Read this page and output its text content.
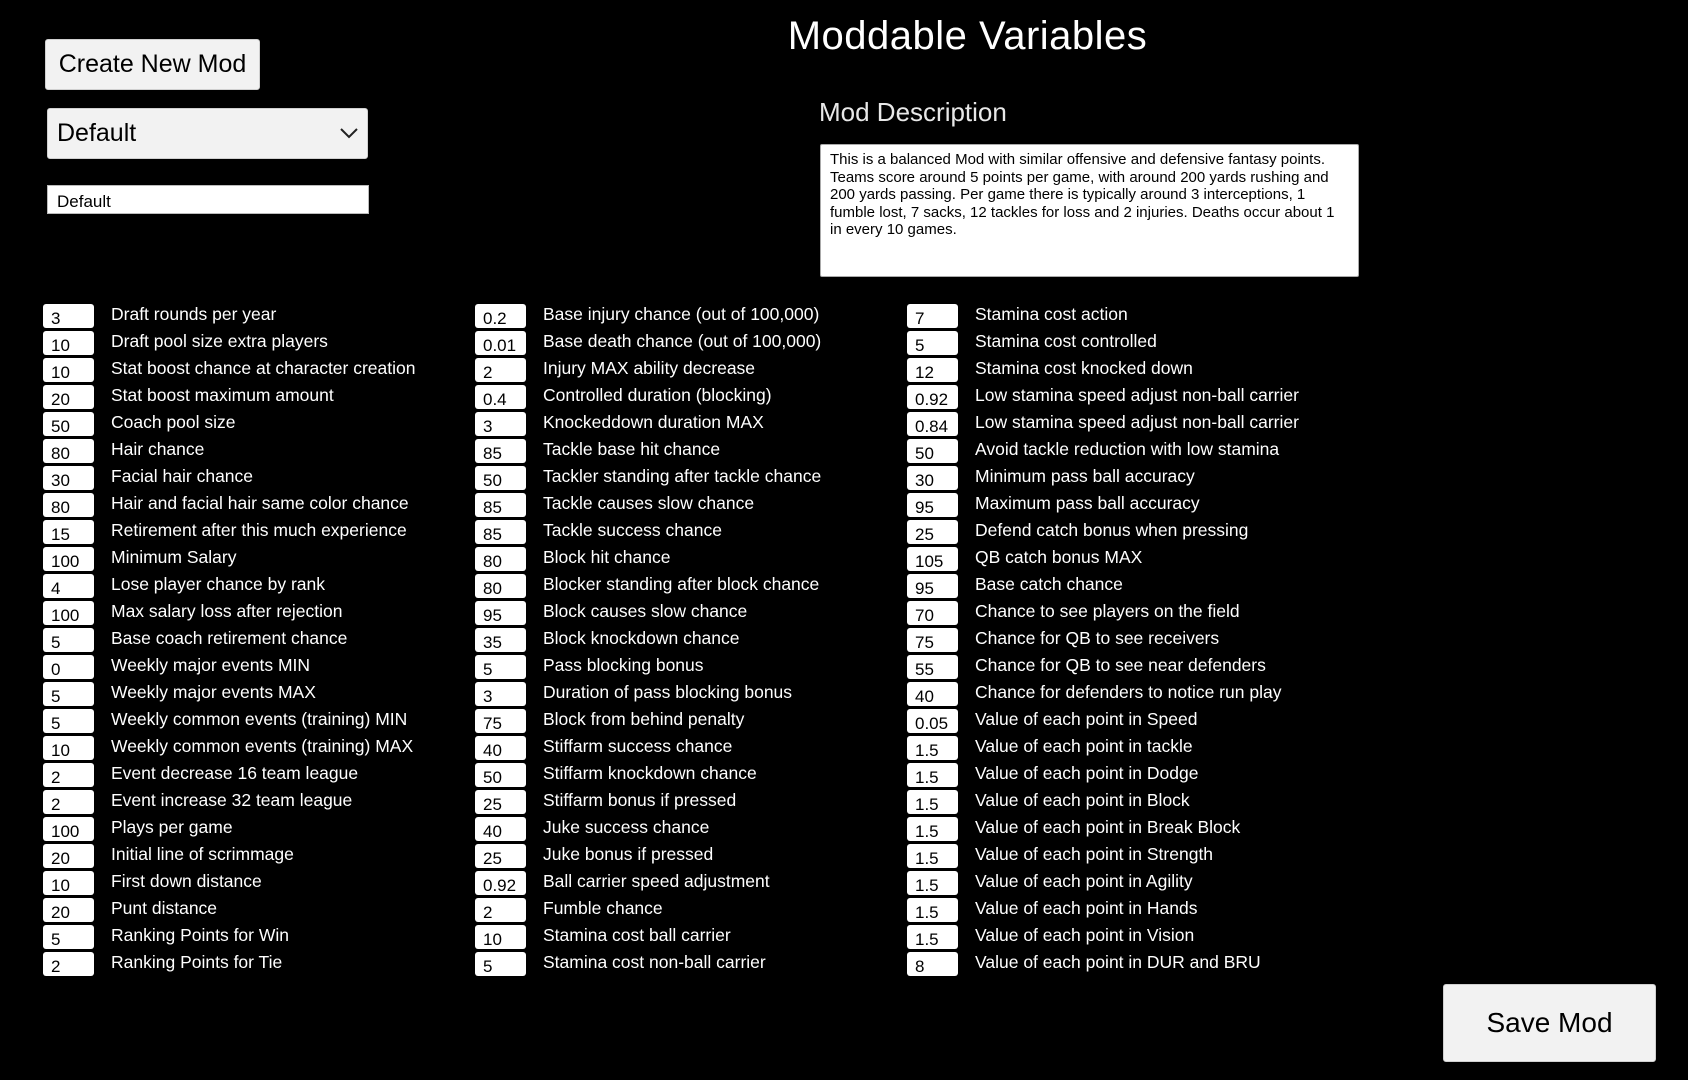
Moddable Variables
Create New Mod
Default
Default
Mod Description
This is a balanced Mod with similar offensive and defensive fantasy points. Teams score around 5 points per game, with around 200 yards rushing and 200 yards passing. Per game there is typically around 3 interceptions, 1 fumble lost, 7 sacks, 12 tackles for loss and 2 injuries. Deaths occur about 1 in every 10 games.
3	Draft rounds per year
10	Draft pool size extra players
10	Stat boost chance at character creation
20	Stat boost maximum amount
50	Coach pool size
80	Hair chance
30	Facial hair chance
80	Hair and facial hair same color chance
15	Retirement after this much experience
100	Minimum Salary
4	Lose player chance by rank
100	Max salary loss after rejection
5	Base coach retirement chance
0	Weekly major events MIN
5	Weekly major events MAX
5	Weekly common events (training) MIN
10	Weekly common events (training) MAX
2	Event decrease 16 team league
2	Event increase 32 team league
100	Plays per game
20	Initial line of scrimmage
10	First down distance
20	Punt distance
5	Ranking Points for Win
2	Ranking Points for Tie
0.2	Base injury chance (out of 100,000)
0.01	Base death chance (out of 100,000)
2	Injury MAX ability decrease
0.4	Controlled duration (blocking)
3	Knockeddown duration MAX
85	Tackle base hit chance
50	Tackler standing after tackle chance
85	Tackle causes slow chance
85	Tackle success chance
80	Block hit chance
80	Blocker standing after block chance
95	Block causes slow chance
35	Block knockdown chance
5	Pass blocking bonus
3	Duration of pass blocking bonus
75	Block from behind penalty
40	Stiffarm success chance
50	Stiffarm knockdown chance
25	Stiffarm bonus if pressed
40	Juke success chance
25	Juke bonus if pressed
0.92	Ball carrier speed adjustment
2	Fumble chance
10	Stamina cost ball carrier
5	Stamina cost non-ball carrier
7	Stamina cost action
5	Stamina cost controlled
12	Stamina cost knocked down
0.92	Low stamina speed adjust non-ball carrier
0.84	Low stamina speed adjust non-ball carrier
50	Avoid tackle reduction with low stamina
30	Minimum pass ball accuracy
95	Maximum pass ball accuracy
25	Defend catch bonus when pressing
105	QB catch bonus MAX
95	Base catch chance
70	Chance to see players on the field
75	Chance for QB to see receivers
55	Chance for QB to see near defenders
40	Chance for defenders to notice run play
0.05	Value of each point in Speed
1.5	Value of each point in tackle
1.5	Value of each point in Dodge
1.5	Value of each point in Block
1.5	Value of each point in Break Block
1.5	Value of each point in Strength
1.5	Value of each point in Agility
1.5	Value of each point in Hands
1.5	Value of each point in Vision
8	Value of each point in DUR and BRU
Save Mod
